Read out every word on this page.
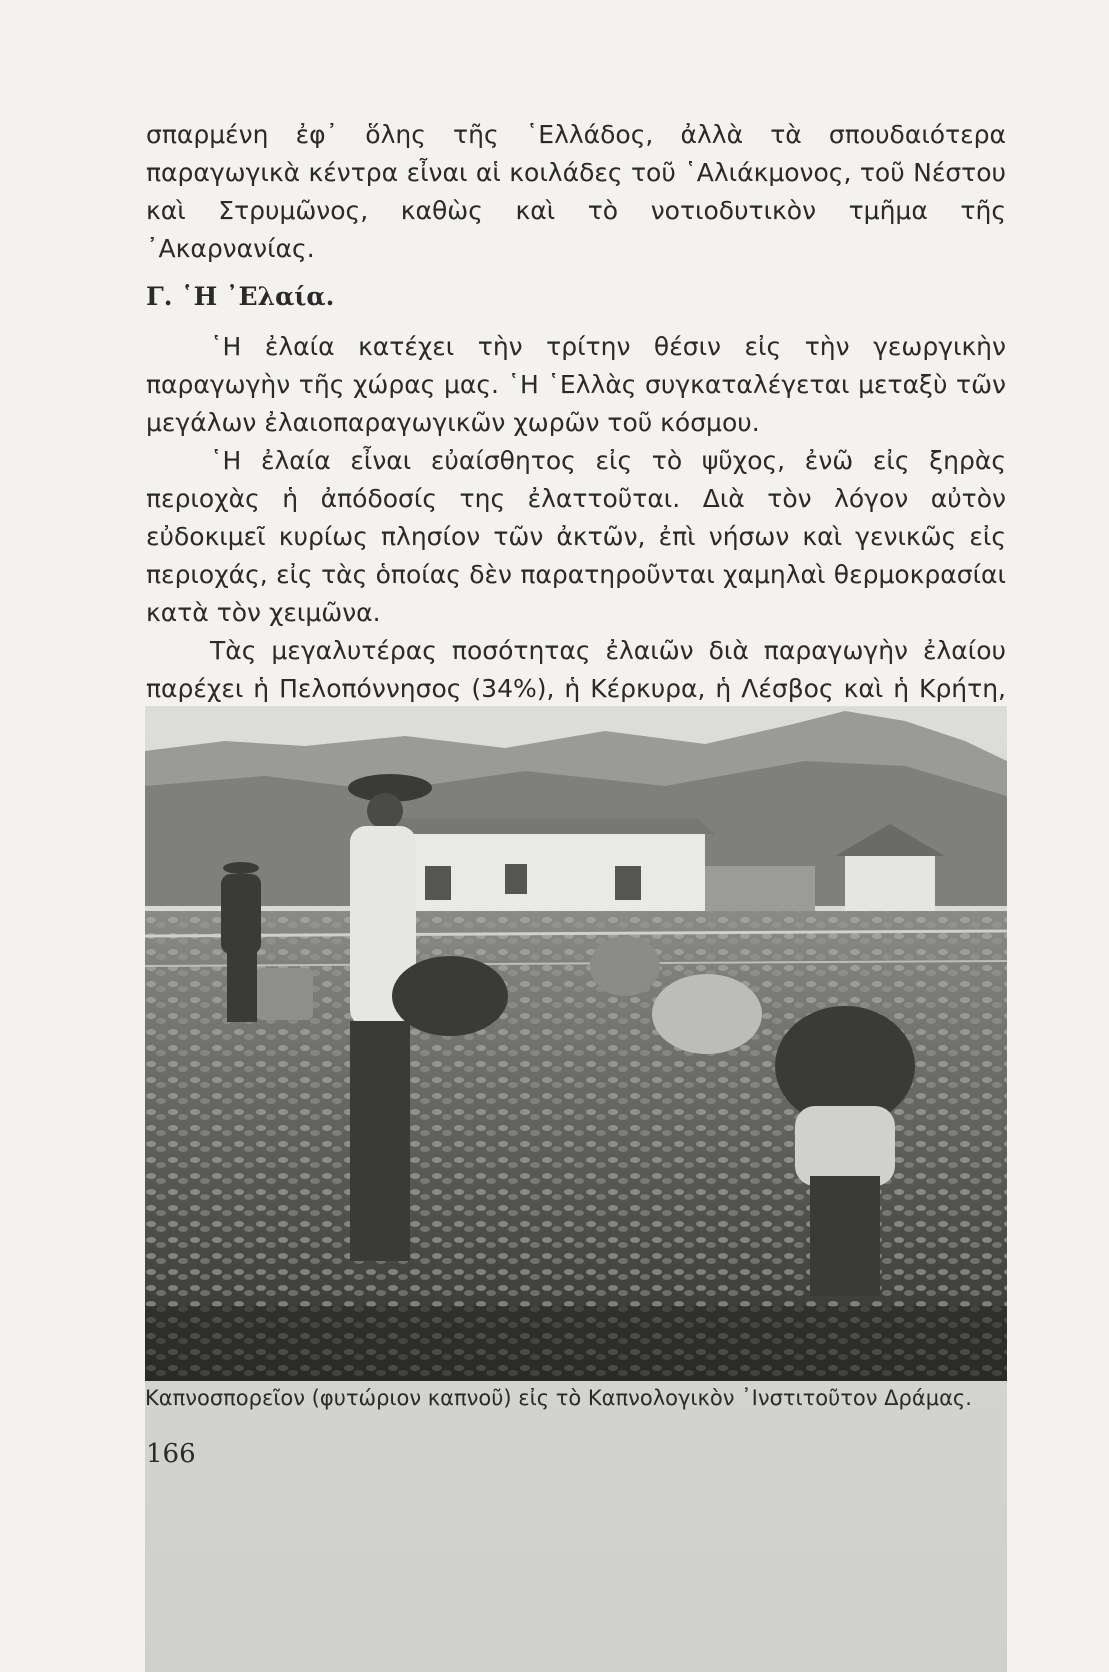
σπαρμένη ἐφ᾽ ὅλης τῆς ῾Ελλάδος, ἀλλὰ τὰ σπουδαιότερα παραγωγικὰ κέντρα εἶναι αἱ κοιλάδες τοῦ ῾Αλιάκμονος, τοῦ Νέστου καὶ Στρυμῶνος, καθὼς καὶ τὸ νοτιοδυτικὸν τμῆμα τῆς ᾽Ακαρνανίας.

Γ. ῾Η ᾽Ελαία.

῾Η ἐλαία κατέχει τὴν τρίτην θέσιν εἰς τὴν γεωργικὴν παραγωγὴν τῆς χώρας μας. ῾Η ῾Ελλὰς συγκαταλέγεται μεταξὺ τῶν μεγάλων ἐλαιοπαραγωγικῶν χωρῶν τοῦ κόσμου.

῾Η ἐλαία εἶναι εὐαίσθητος εἰς τὸ ψῦχος, ἐνῶ εἰς ξηρὰς περιοχὰς ἡ ἀπόδοσίς της ἐλαττοῦται. Διὰ τὸν λόγον αὐτὸν εὐδοκιμεῖ κυρίως πλησίον τῶν ἀκτῶν, ἐπὶ νήσων καὶ γενικῶς εἰς περιοχάς, εἰς τὰς ὁποίας δὲν παρατηροῦνται χαμηλαὶ θερμοκρασίαι κατὰ τὸν χειμῶνα.

Τὰς μεγαλυτέρας ποσότητας ἐλαιῶν διὰ παραγωγὴν ἐλαίου παρέχει ἡ Πελοπόννησος (34%), ἡ Κέρκυρα, ἡ Λέσβος καὶ ἡ Κρήτη,

Καπνοσπορεῖον (φυτώριον καπνοῦ) εἰς τὸ Καπνολογικὸν ᾽Ινστιτοῦτον Δράμας.
166
